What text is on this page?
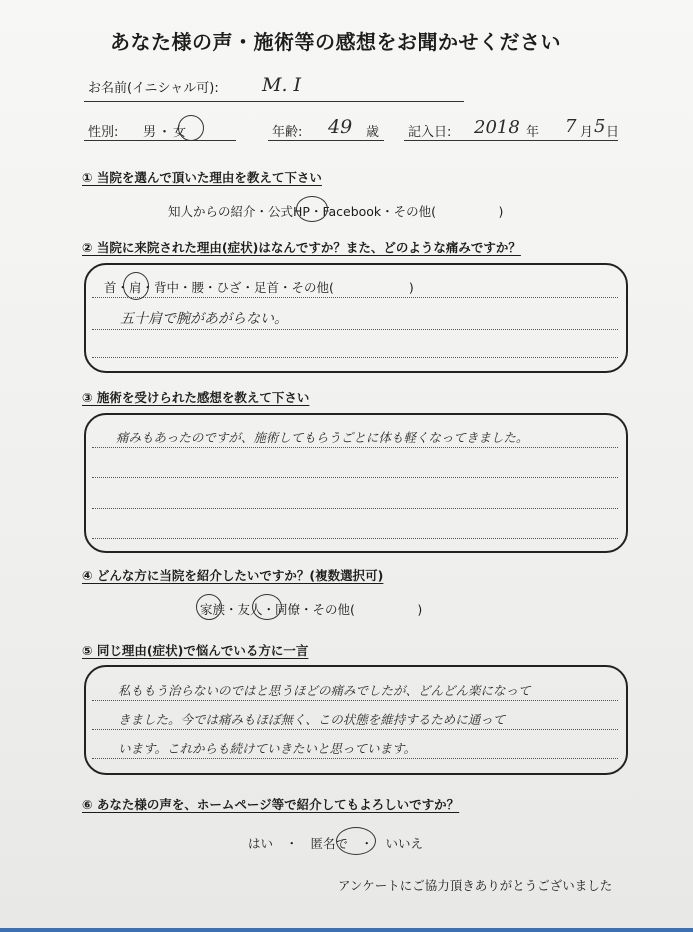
あなた様の声・施術等の感想をお聞かせください
お名前(イニシャル可): M. I
性別: 男・女	年齢: 49 歳 記入日: 2018 年 7 月 5 日
① 当院を選んで頂いた理由を教えて下さい
知人からの紹介・公式HP・Facebook・その他(　　　　　)
② 当院に来院された理由(症状)はなんですか？また、どのような痛みですか？
首・肩・背中・腰・ひざ・足首・その他(　　　　　　)
五十肩で腕があがらない。
③ 施術を受けられた感想を教えて下さい
痛みもあったのですが、施術してもらうごとに体も軽くなってきました。
④ どんな方に当院を紹介したいですか？(複数選択可)
家族・友人・同僚・その他(　　　　　)
⑤ 同じ理由(症状)で悩んでいる方に一言
私ももう治らないのではと思うほどの痛みでしたが、どんどん楽になって
きました。今では痛みもほぼ無く、この状態を維持するために通って
います。これからも続けていきたいと思っています。
⑥ あなた様の声を、ホームページ等で紹介してもよろしいですか？
はい　・　匿名で　・　いいえ
アンケートにご協力頂きありがとうございました
